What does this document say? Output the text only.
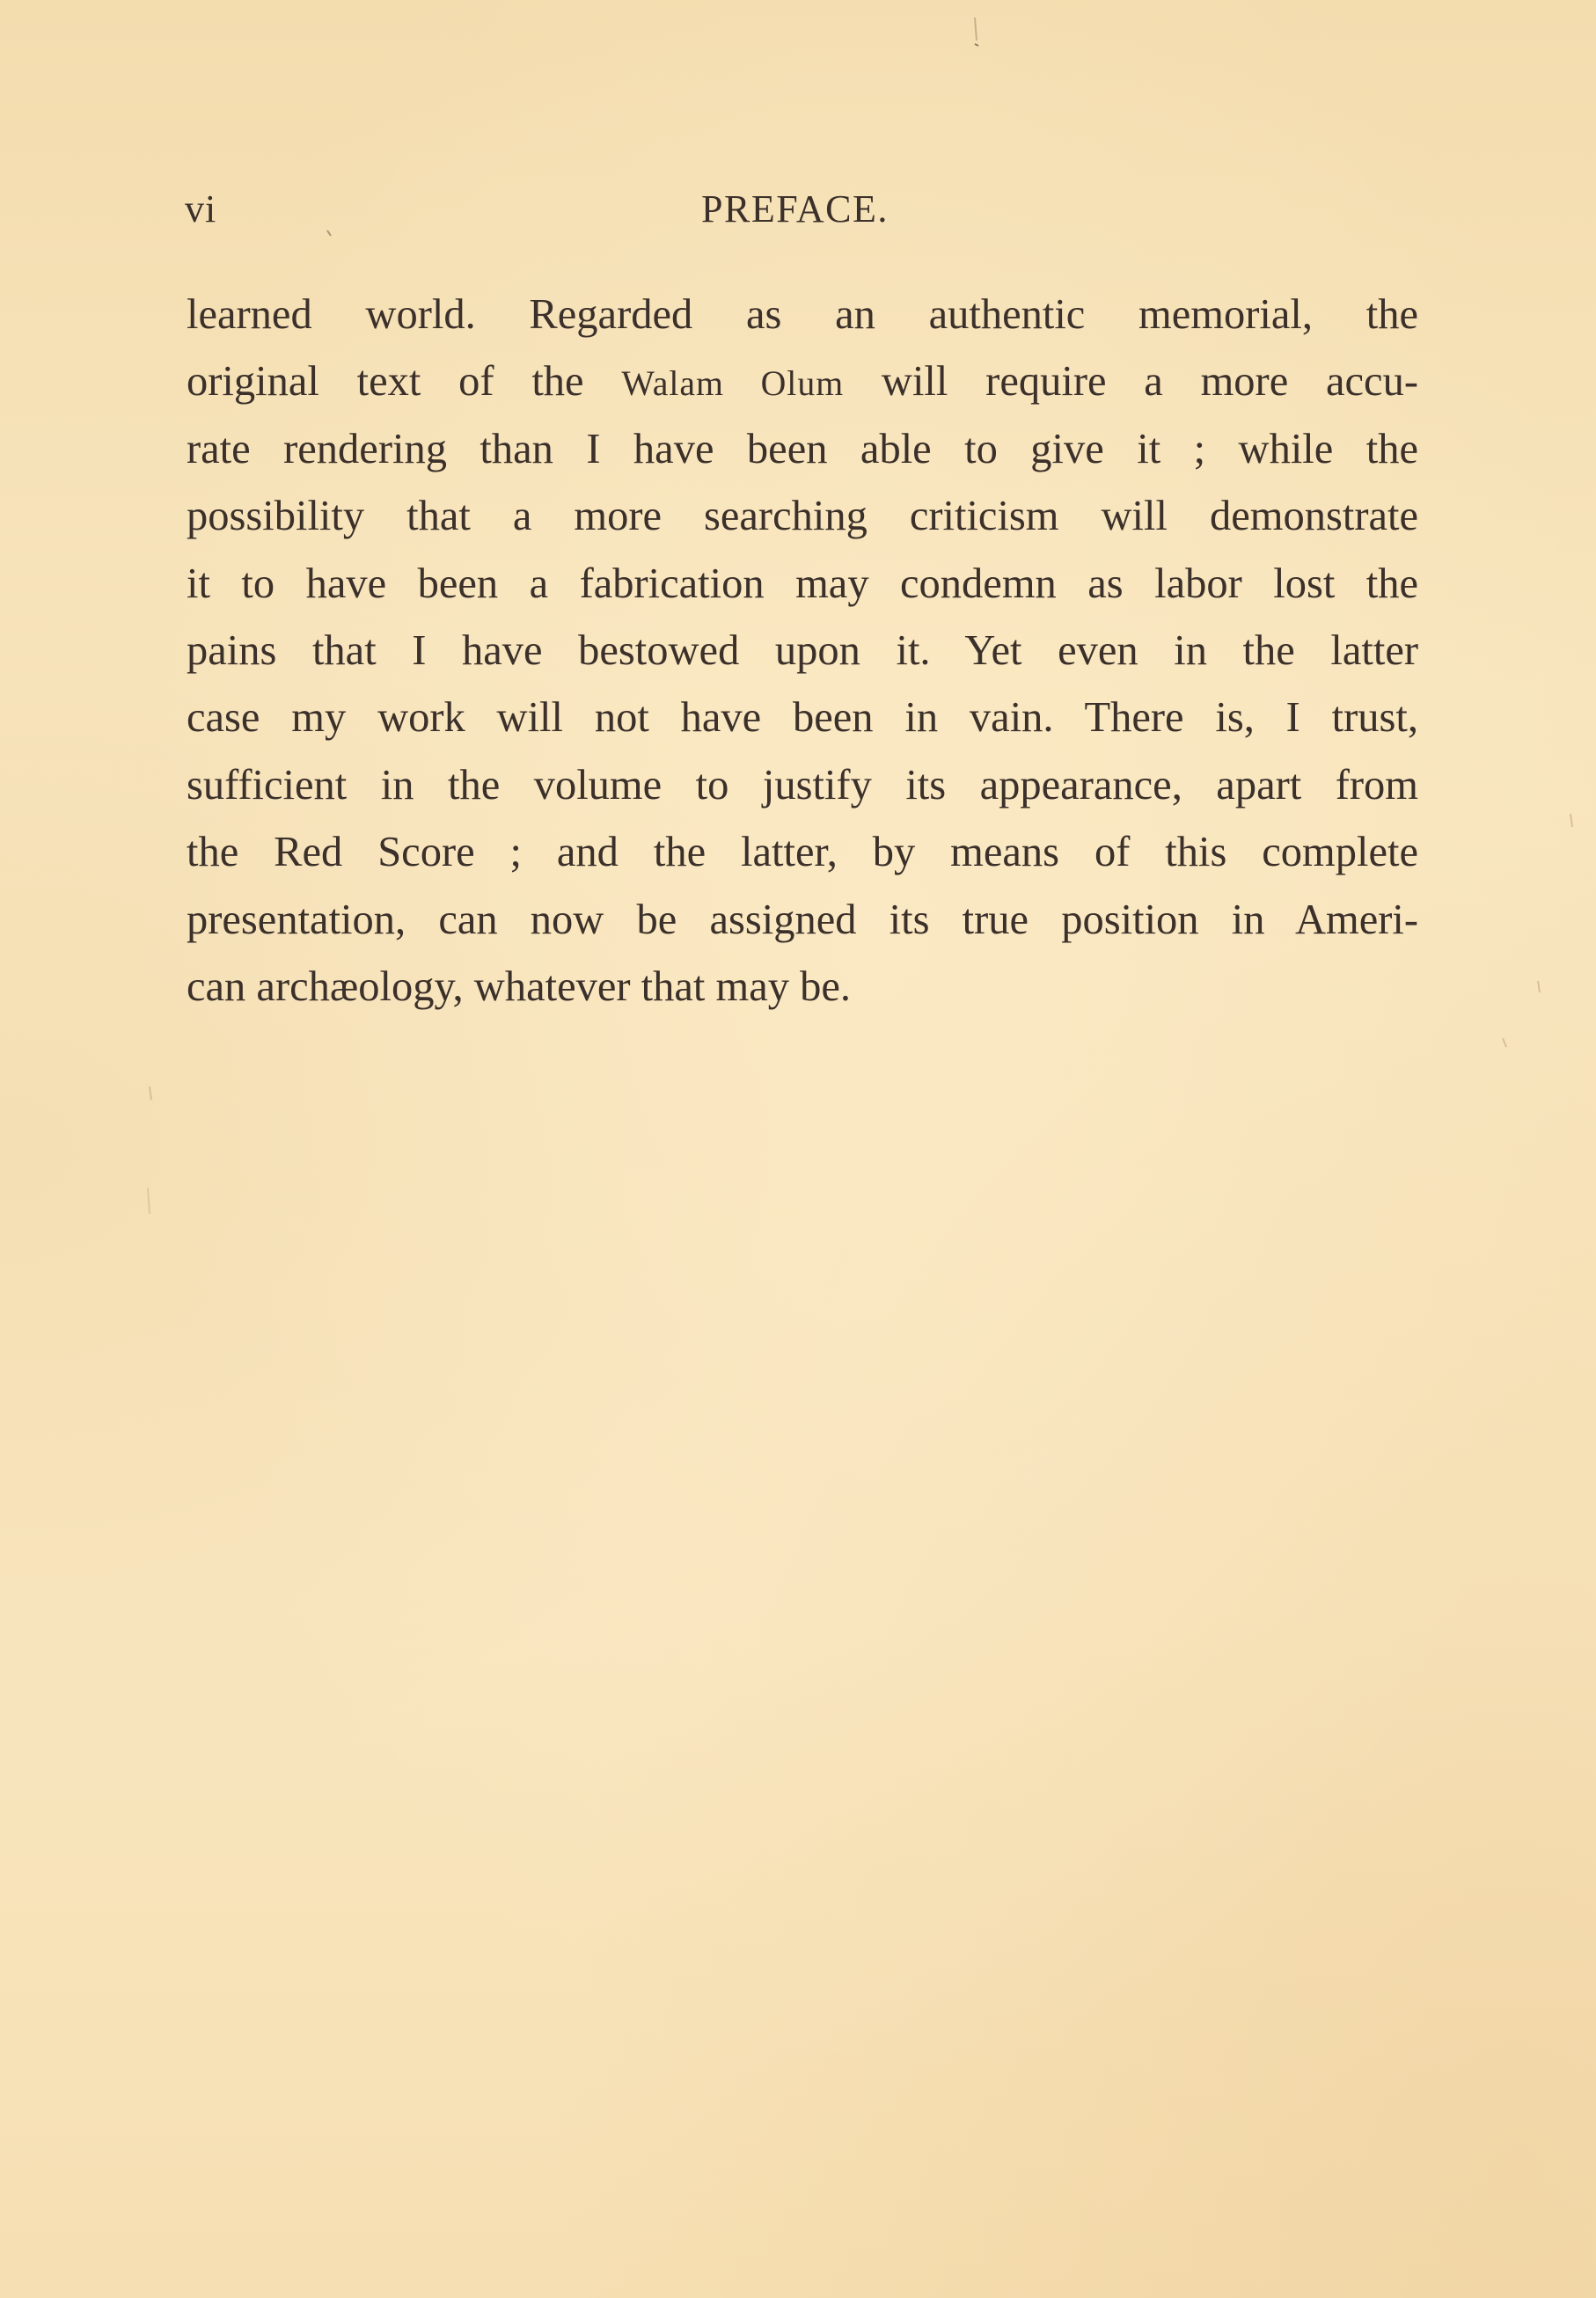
vi	PREFACE.
learned world. Regarded as an authentic memorial, the
original text of the Walam Olum will require a more accu-
rate rendering than I have been able to give it ; while the
possibility that a more searching criticism will demonstrate
it to have been a fabrication may condemn as labor lost the
pains that I have bestowed upon it. Yet even in the latter
case my work will not have been in vain. There is, I trust,
sufficient in the volume to justify its appearance, apart from
the Red Score ; and the latter, by means of this complete
presentation, can now be assigned its true position in Ameri-
can archæology, whatever that may be.
